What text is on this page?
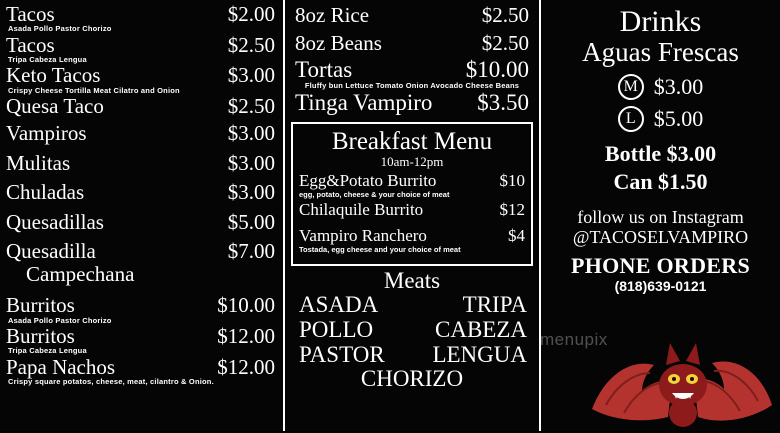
Tacos	$2.00
Asada Pollo Pastor Chorizo
Tacos	$2.50
Tripa Cabeza Lengua
Keto Tacos	$3.00
Crispy Cheese Tortilla Meat Cilatro and Onion
Quesa Taco	$2.50
Vampiros	$3.00
Mulitas	$3.00
Chuladas	$3.00
Quesadillas	$5.00
Quesadilla	$7.00
Campechana
Burritos	$10.00
Asada Pollo Pastor Chorizo
Burritos	$12.00
Tripa Cabeza Lengua
Papa Nachos	$12.00
Crispy square potatos, cheese, meat, cilantro & Onion.
8oz Rice	$2.50
8oz Beans	$2.50
Tortas	$10.00
Fluffy bun Lettuce Tomato Onion Avocado Cheese Beans
Tinga Vampiro $3.50
Breakfast Menu
10am-12pm
Egg&Potato Burrito	$10
egg, potato, cheese & your choice of meat
Chilaquile Burrito	$12
Vampiro Ranchero	$4
Tostada, egg cheese and your choice of meat
Meats
ASADA	TRIPA
POLLO	CABEZA
PASTOR	LENGUA
CHORIZO
Drinks
Aguas Frescas
M $3.00
L $5.00
Bottle $3.00
Can $1.50
follow us on Instagram
@TACOSELVAMPIRO
PHONE ORDERS
(818)639-0121
menupix
